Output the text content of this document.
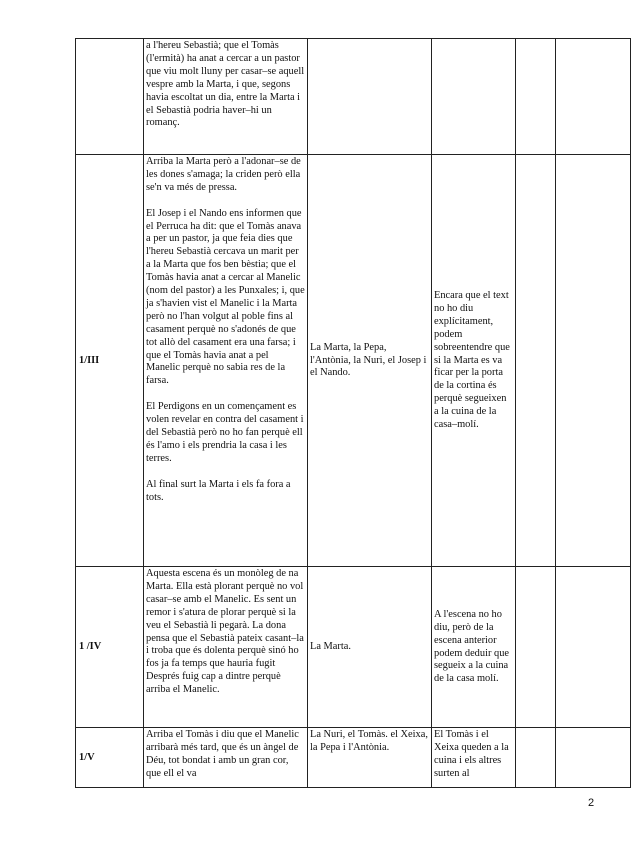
	a l'hereu Sebastià; que el Tomàs (l'ermità) ha anat a cercar a un pastor que viu molt lluny per casar–se aquell vespre amb la Marta, i que, segons havia escoltat un dia, entre la Marta i el Sebastià podria haver–hi un romanç.				

1/III	Arriba la Marta però a l'adonar–se de les dones s'amaga; la criden però ella se'n va més de pressa.

El Josep i el Nando ens informen que el Perruca ha dit: que el Tomàs anava a per un pastor, ja que feia dies que l'hereu Sebastià cercava un marit per a la Marta que fos ben bèstia; que el Tomàs havia anat a cercar al Manelic (nom del pastor) a les Punxales; i, que ja s'havien vist el Manelic i la Marta però no l'han volgut al poble fins al casament perquè no s'adonés de que tot allò del casament era una farsa; i que el Tomàs havia anat a pel Manelic perquè no sabia res de la farsa.

El Perdigons en un començament es volen revelar en contra del casament i del Sebastià però no ho fan perquè ell és l'amo i els prendria la casa i les terres.

Al final surt la Marta i els fa fora a tots.	La Marta, la Pepa, l'Antònia, la Nuri, el Josep i el Nando.	Encara que el text no ho diu explícitament, podem sobreentendre que si la Marta es va ficar per la porta de la cortina és perquè segueixen a la cuina de la casa–molí.		
1 /IV	Aquesta escena és un monòleg de na Marta. Ella està plorant perquè no vol casar–se amb el Manelic. Es sent un remor i s'atura de plorar perquè si la veu el Sebastià li pegarà. La dona pensa que el Sebastià pateix casant–la i troba que és dolenta perquè sinó ho fos ja fa temps que hauria fugit Després fuig cap a dintre perquè arriba el Manelic.	La Marta.	A l'escena no ho diu, però de la escena anterior podem deduir que segueix a la cuina de la casa molí.		
1/V	Arriba el Tomàs i diu que el Manelic arribarà més tard, que és un àngel de Déu, tot bondat i amb un gran cor, que ell el va	La Nuri, el Tomàs. el Xeixa, la Pepa i l'Antònia.	El Tomàs i el Xeixa queden a la cuina i els altres surten al		
2
